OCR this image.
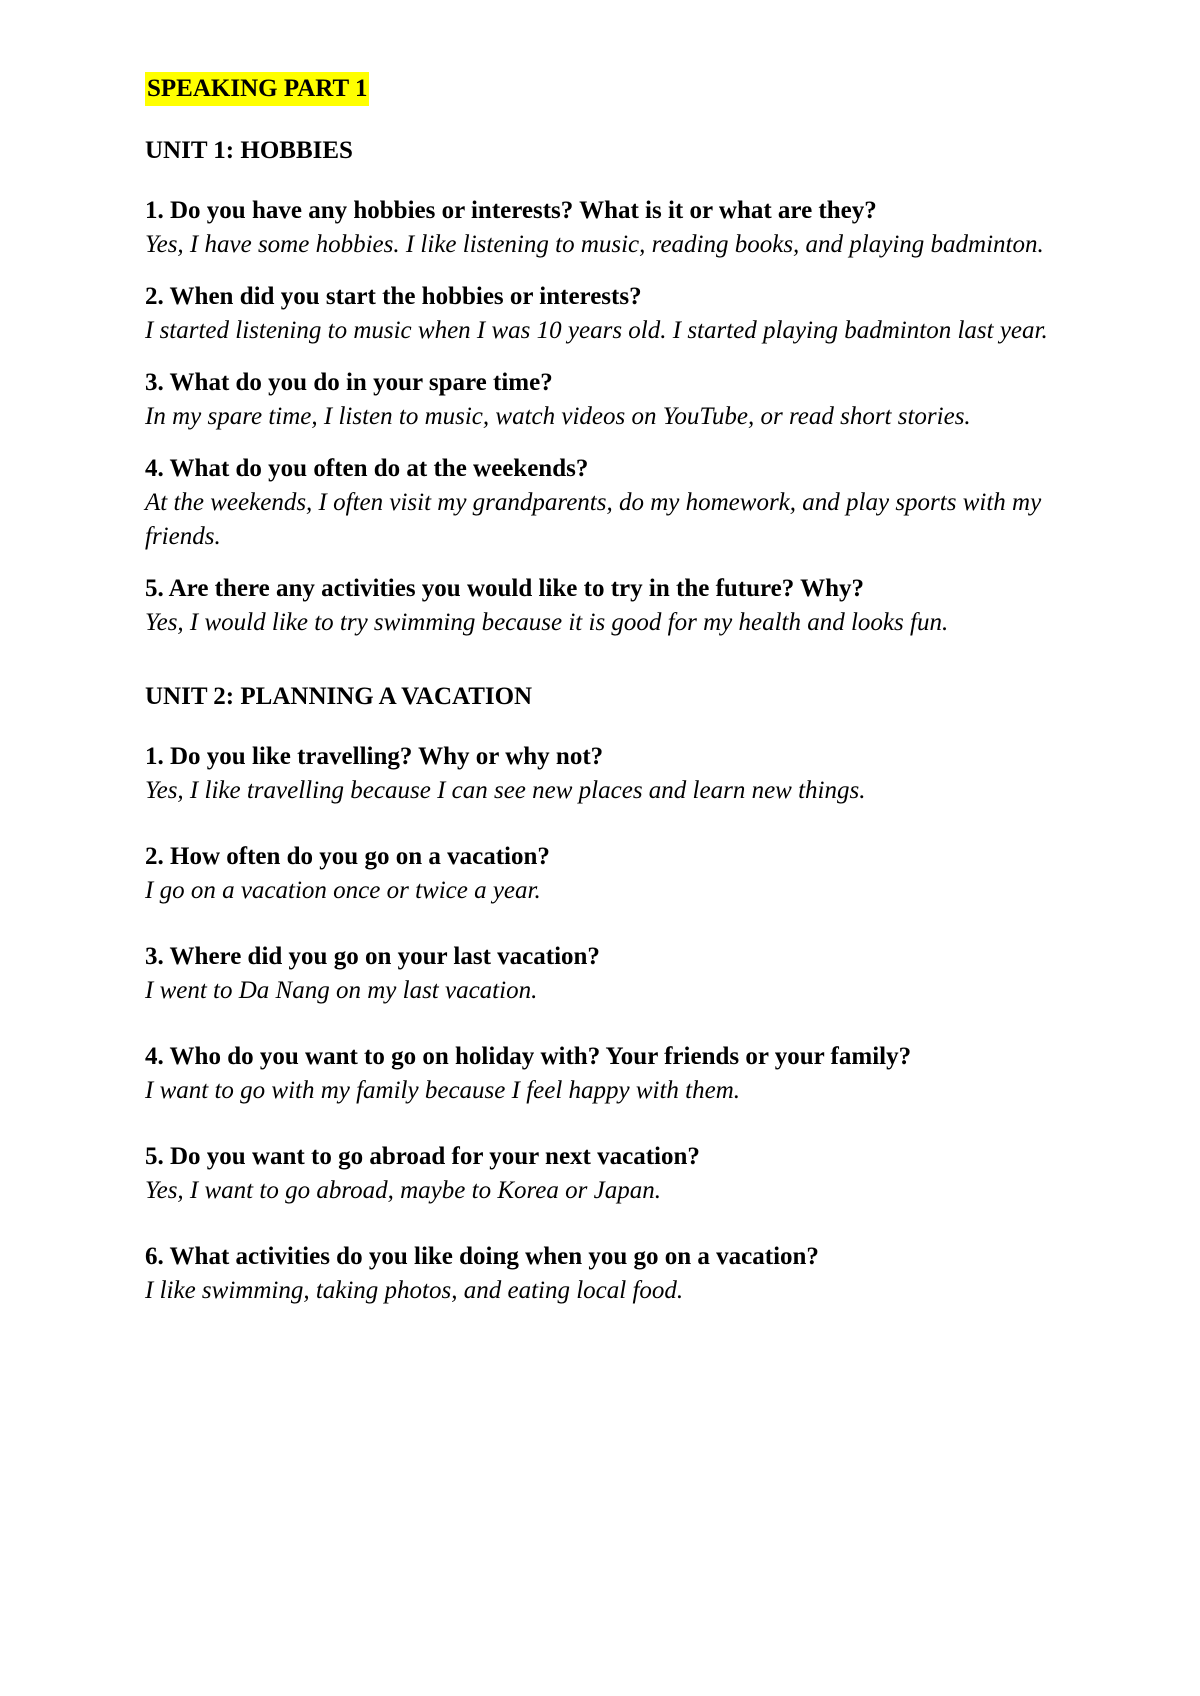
SPEAKING PART 1
UNIT 1: HOBBIES
1. Do you have any hobbies or interests? What is it or what are they?
Yes, I have some hobbies. I like listening to music, reading books, and playing badminton.
2. When did you start the hobbies or interests?
I started listening to music when I was 10 years old. I started playing badminton last year.
3. What do you do in your spare time?
In my spare time, I listen to music, watch videos on YouTube, or read short stories.
4. What do you often do at the weekends?
At the weekends, I often visit my grandparents, do my homework, and play sports with my friends.
5. Are there any activities you would like to try in the future? Why?
Yes, I would like to try swimming because it is good for my health and looks fun.
UNIT 2: PLANNING A VACATION
1. Do you like travelling? Why or why not?
Yes, I like travelling because I can see new places and learn new things.
2. How often do you go on a vacation?
I go on a vacation once or twice a year.
3. Where did you go on your last vacation?
I went to Da Nang on my last vacation.
4. Who do you want to go on holiday with? Your friends or your family?
I want to go with my family because I feel happy with them.
5. Do you want to go abroad for your next vacation?
Yes, I want to go abroad, maybe to Korea or Japan.
6. What activities do you like doing when you go on a vacation?
I like swimming, taking photos, and eating local food.
